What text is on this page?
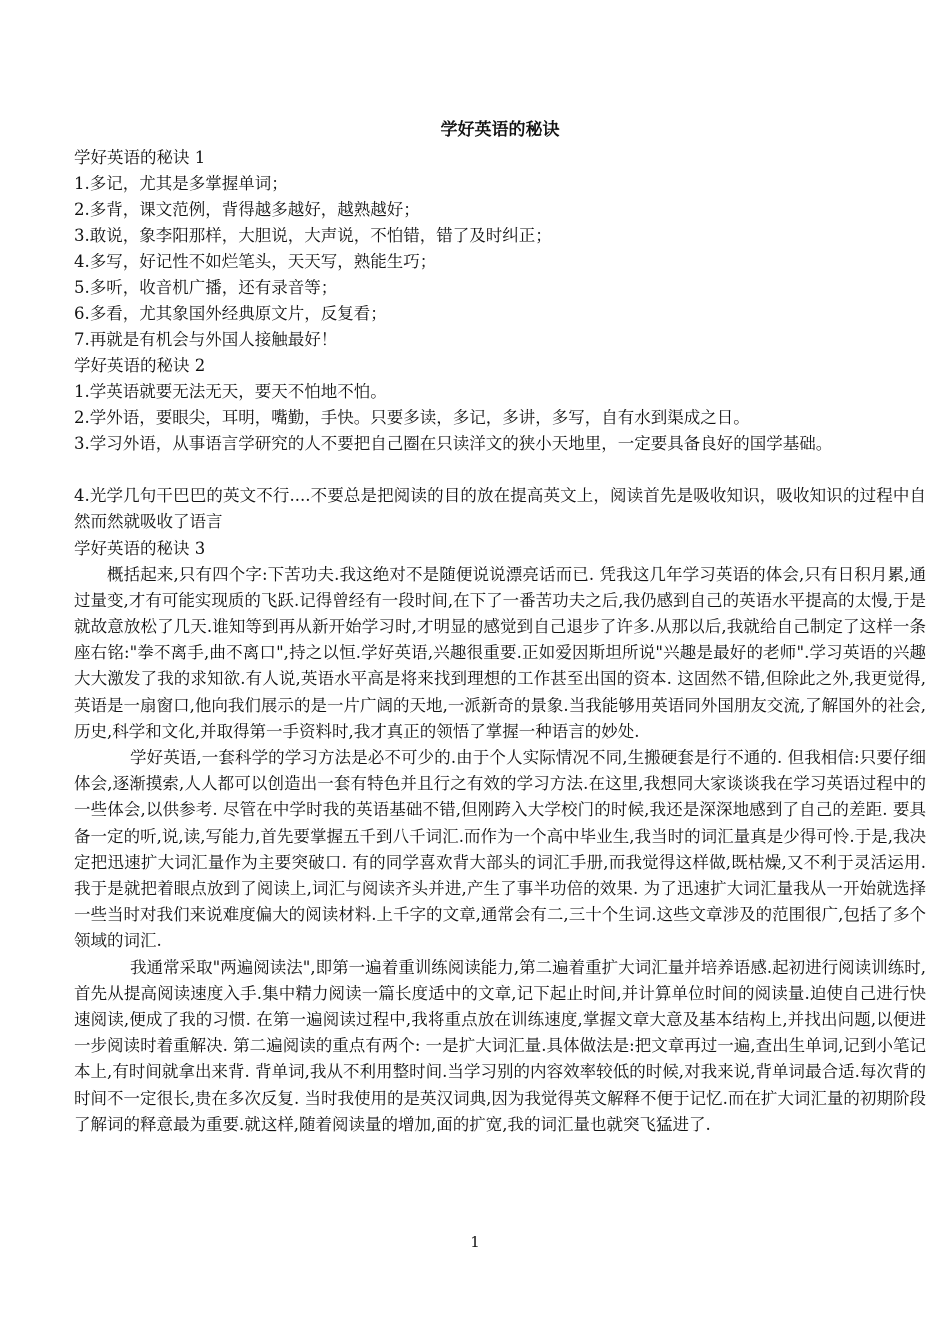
学好英语的秘诀

学好英语的秘诀 1

1.多记，尤其是多掌握单词；

2.多背，课文范例，背得越多越好，越熟越好；

3.敢说，象李阳那样，大胆说，大声说，不怕错，错了及时纠正；

4.多写，好记性不如烂笔头，天天写，熟能生巧；

5.多听，收音机广播，还有录音等；

6.多看，尤其象国外经典原文片，反复看；

7.再就是有机会与外国人接触最好！

学好英语的秘诀 2

1.学英语就要无法无天，要天不怕地不怕。

2.学外语，要眼尖，耳明，嘴勤，手快。只要多读，多记，多讲，多写，自有水到渠成之日。

3.学习外语，从事语言学研究的人不要把自己圈在只读洋文的狭小天地里，一定要具备良好的国学基础。

4.光学几句干巴巴的英文不行....不要总是把阅读的目的放在提高英文上，阅读首先是吸收知识，吸收知识的过程中自然而然就吸收了语言

学好英语的秘诀 3

概括起来,只有四个字:下苦功夫.我这绝对不是随便说说漂亮话而已. 凭我这几年学习英语的体会,只有日积月累,通过量变,才有可能实现质的飞跃.记得曾经有一段时间,在下了一番苦功夫之后,我仍感到自己的英语水平提高的太慢,于是就故意放松了几天.谁知等到再从新开始学习时,才明显的感觉到自己退步了许多.从那以后,我就给自己制定了这样一条座右铭:"拳不离手,曲不离口",持之以恒.学好英语,兴趣很重要.正如爱因斯坦所说"兴趣是最好的老师".学习英语的兴趣大大激发了我的求知欲.有人说,英语水平高是将来找到理想的工作甚至出国的资本. 这固然不错,但除此之外,我更觉得,英语是一扇窗口,他向我们展示的是一片广阔的天地,一派新奇的景象.当我能够用英语同外国朋友交流,了解国外的社会,历史,科学和文化,并取得第一手资料时,我才真正的领悟了掌握一种语言的妙处.

学好英语,一套科学的学习方法是必不可少的.由于个人实际情况不同,生搬硬套是行不通的. 但我相信:只要仔细体会,逐渐摸索,人人都可以创造出一套有特色并且行之有效的学习方法.在这里,我想同大家谈谈我在学习英语过程中的一些体会,以供参考. 尽管在中学时我的英语基础不错,但刚跨入大学校门的时候,我还是深深地感到了自己的差距. 要具备一定的听,说,读,写能力,首先要掌握五千到八千词汇.而作为一个高中毕业生,我当时的词汇量真是少得可怜.于是,我决定把迅速扩大词汇量作为主要突破口. 有的同学喜欢背大部头的词汇手册,而我觉得这样做,既枯燥,又不利于灵活运用.我于是就把着眼点放到了阅读上,词汇与阅读齐头并进,产生了事半功倍的效果. 为了迅速扩大词汇量我从一开始就选择一些当时对我们来说难度偏大的阅读材料.上千字的文章,通常会有二,三十个生词.这些文章涉及的范围很广,包括了多个领域的词汇.

我通常采取"两遍阅读法",即第一遍着重训练阅读能力,第二遍着重扩大词汇量并培养语感.起初进行阅读训练时, 首先从提高阅读速度入手.集中精力阅读一篇长度适中的文章,记下起止时间,并计算单位时间的阅读量.迫使自己进行快速阅读,便成了我的习惯. 在第一遍阅读过程中,我将重点放在训练速度,掌握文章大意及基本结构上,并找出问题,以便进一步阅读时着重解决. 第二遍阅读的重点有两个: 一是扩大词汇量.具体做法是:把文章再过一遍,查出生单词,记到小笔记本上,有时间就拿出来背. 背单词,我从不利用整时间.当学习别的内容效率较低的时候,对我来说,背单词最合适.每次背的时间不一定很长,贵在多次反复. 当时我使用的是英汉词典,因为我觉得英文解释不便于记忆.而在扩大词汇量的初期阶段了解词的释意最为重要.就这样,随着阅读量的增加,面的扩宽,我的词汇量也就突飞猛进了.

1
